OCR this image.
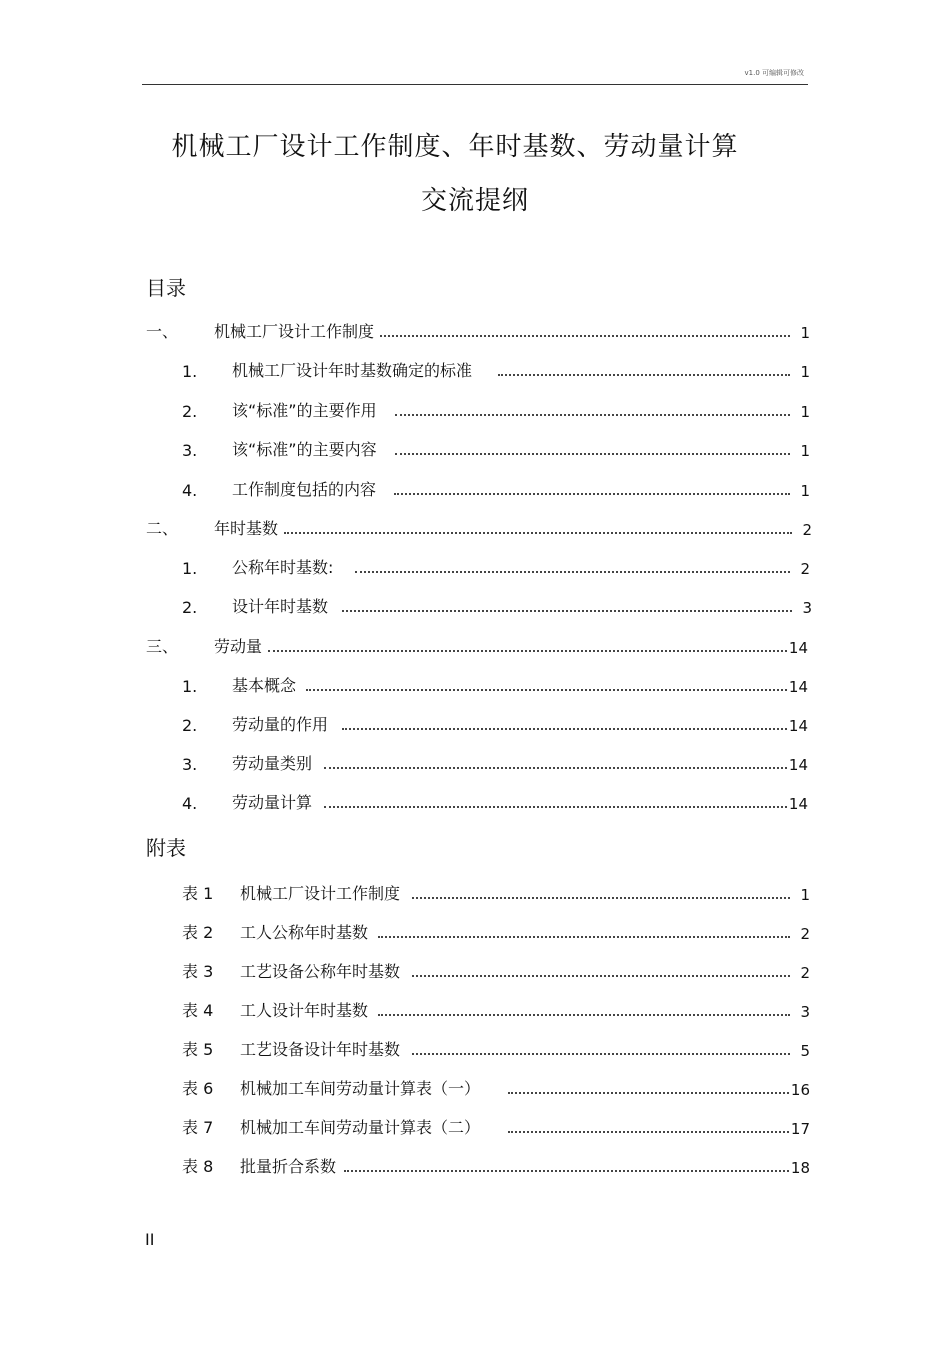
v1.0 可编辑可修改
机械工厂设计工作制度、年时基数、劳动量计算
交流提纲
目录
一、	机械工厂设计工作制度	1
1.	机械工厂设计年时基数确定的标准	1
2.	该“标准”的主要作用	1
3.	该“标准”的主要内容	1
4.	工作制度包括的内容	1
二、	年时基数	2
1.	公称年时基数:	2
2.	设计年时基数	3
三、	劳动量	14
1.	基本概念	14
2.	劳动量的作用	14
3.	劳动量类别	14
4.	劳动量计算	14
附表
表 1	机械工厂设计工作制度	1
表 2	工人公称年时基数	2
表 3	工艺设备公称年时基数	2
表 4	工人设计年时基数	3
表 5	工艺设备设计年时基数	5
表 6	机械加工车间劳动量计算表（一）	16
表 7	机械加工车间劳动量计算表（二）	17
表 8	批量折合系数	18
II
